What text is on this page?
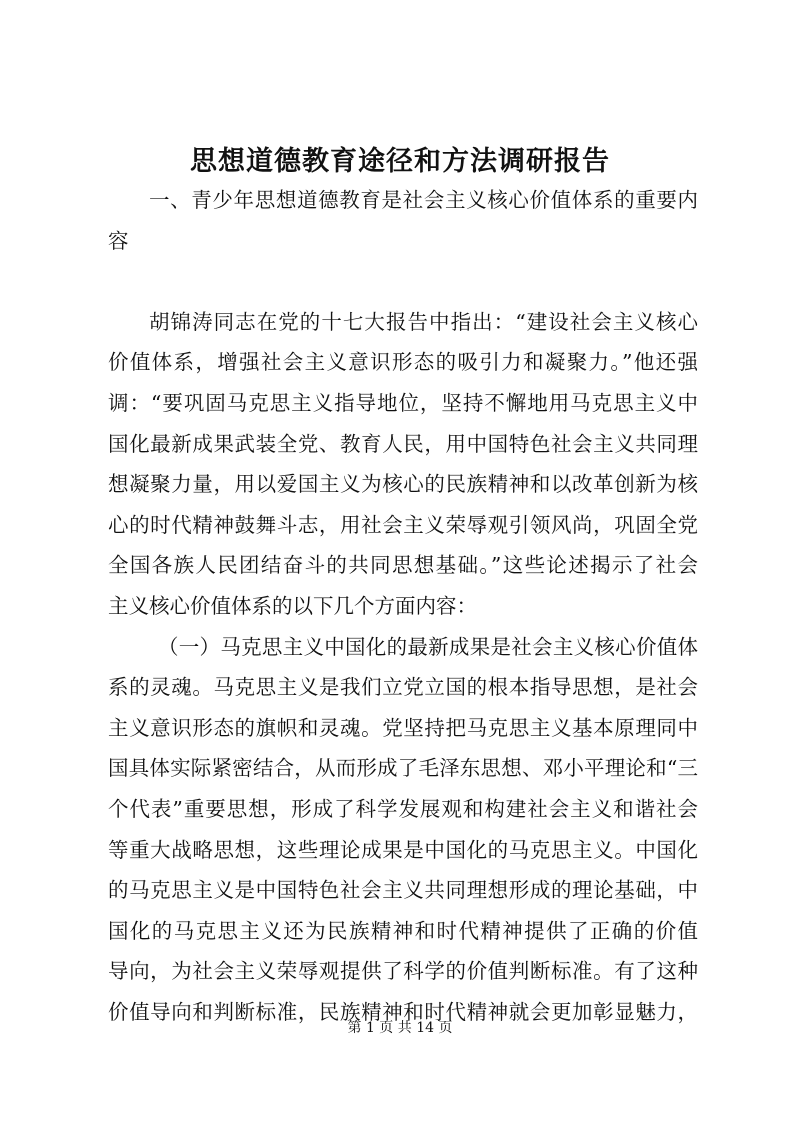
思想道德教育途径和方法调研报告
一、青少年思想道德教育是社会主义核心价值体系的重要内
容
胡锦涛同志在党的十七大报告中指出：“建设社会主义核心
价值体系，增强社会主义意识形态的吸引力和凝聚力。”他还强
调：“要巩固马克思主义指导地位，坚持不懈地用马克思主义中
国化最新成果武装全党、教育人民，用中国特色社会主义共同理
想凝聚力量，用以爱国主义为核心的民族精神和以改革创新为核
心的时代精神鼓舞斗志，用社会主义荣辱观引领风尚，巩固全党
全国各族人民团结奋斗的共同思想基础。”这些论述揭示了社会
主义核心价值体系的以下几个方面内容：
（一）马克思主义中国化的最新成果是社会主义核心价值体
系的灵魂。马克思主义是我们立党立国的根本指导思想，是社会
主义意识形态的旗帜和灵魂。党坚持把马克思主义基本原理同中
国具体实际紧密结合，从而形成了毛泽东思想、邓小平理论和“三
个代表”重要思想，形成了科学发展观和构建社会主义和谐社会
等重大战略思想，这些理论成果是中国化的马克思主义。中国化
的马克思主义是中国特色社会主义共同理想形成的理论基础，中
国化的马克思主义还为民族精神和时代精神提供了正确的价值
导向，为社会主义荣辱观提供了科学的价值判断标准。有了这种
价值导向和判断标准，民族精神和时代精神就会更加彰显魅力，
第 1 页 共 14 页
